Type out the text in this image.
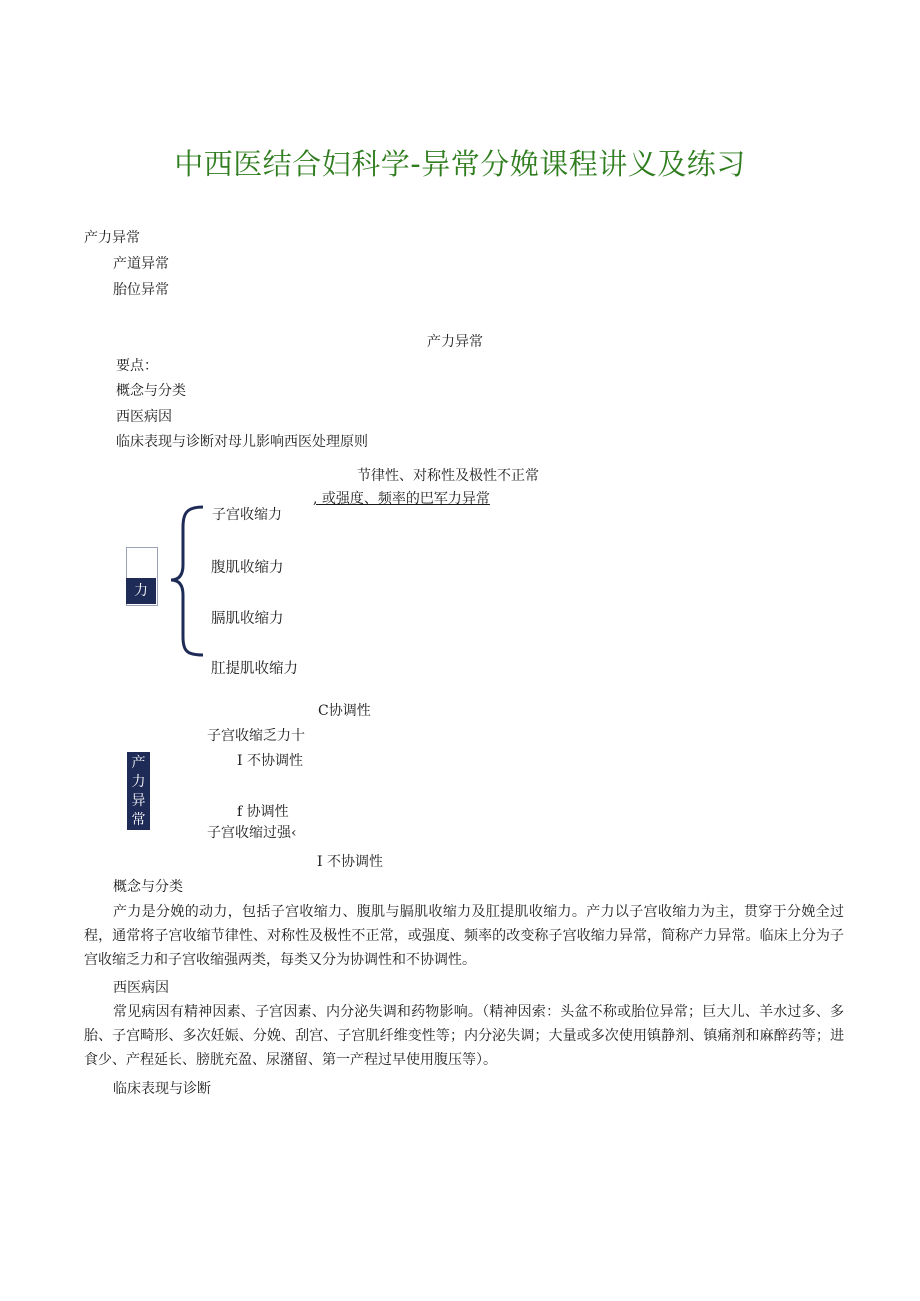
中西医结合妇科学-异常分娩课程讲义及练习
产力异常
产道异常
胎位异常
产力异常
要点：
概念与分类
西医病因
临床表现与诊断对母儿影响西医处理原则
节律性、对称性及极性不正常
, 或强度、频率的巴军力异常
力
子宫收缩力
腹肌收缩力
膈肌收缩力
肛提肌收缩力
产力异常
C协调性
子宫收缩乏力十
I 不协调性
f 协调性
子宫收缩过强‹
I 不协调性
概念与分类
产力是分娩的动力，包括子宫收缩力、腹肌与膈肌收缩力及肛提肌收缩力。产力以子宫收缩力为主，贯穿于分娩全过程，通常将子宫收缩节律性、对称性及极性不正常，或强度、频率的改变称子宫收缩力异常，简称产力异常。临床上分为子宫收缩乏力和子宫收缩强两类，每类又分为协调性和不协调性。
西医病因
常见病因有精神因素、子宫因素、内分泌失调和药物影响。（精神因索：头盆不称或胎位异常；巨大儿、羊水过多、多胎、子宫畸形、多次妊娠、分娩、刮宫、子宫肌纤维变性等；内分泌失调；大量或多次使用镇静剂、镇痛剂和麻醉药等；进食少、产程延长、膀胱充盈、尿潴留、第一产程过早使用腹压等）。
临床表现与诊断
